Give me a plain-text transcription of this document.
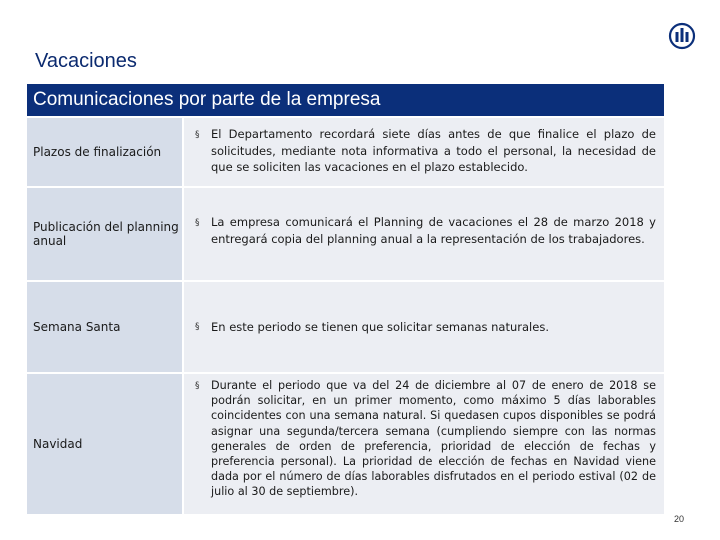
Vacaciones
Comunicaciones por parte de la empresa
Plazos de finalización
§ El Departamento recordará siete días antes de que finalice el plazo de solicitudes, mediante nota informativa a todo el personal, la necesidad de que se soliciten las vacaciones en el plazo establecido.
Publicación del planning anual
§ La empresa comunicará el Planning de vacaciones el 28 de marzo 2018 y entregará copia del planning anual a la representación de los trabajadores.
Semana Santa	§ En este periodo se tienen que solicitar semanas naturales.
Navidad
§ Durante el periodo que va del 24 de diciembre al 07 de enero de 2018 se podrán solicitar, en un primer momento, como máximo 5 días laborables coincidentes con una semana natural. Si quedasen cupos disponibles se podrá asignar una segunda/tercera semana (cumpliendo siempre con las normas generales de orden de preferencia, prioridad de elección de fechas y preferencia personal). La prioridad de elección de fechas en Navidad viene dada por el número de días laborables disfrutados en el periodo estival (02 de julio al 30 de septiembre).
20
